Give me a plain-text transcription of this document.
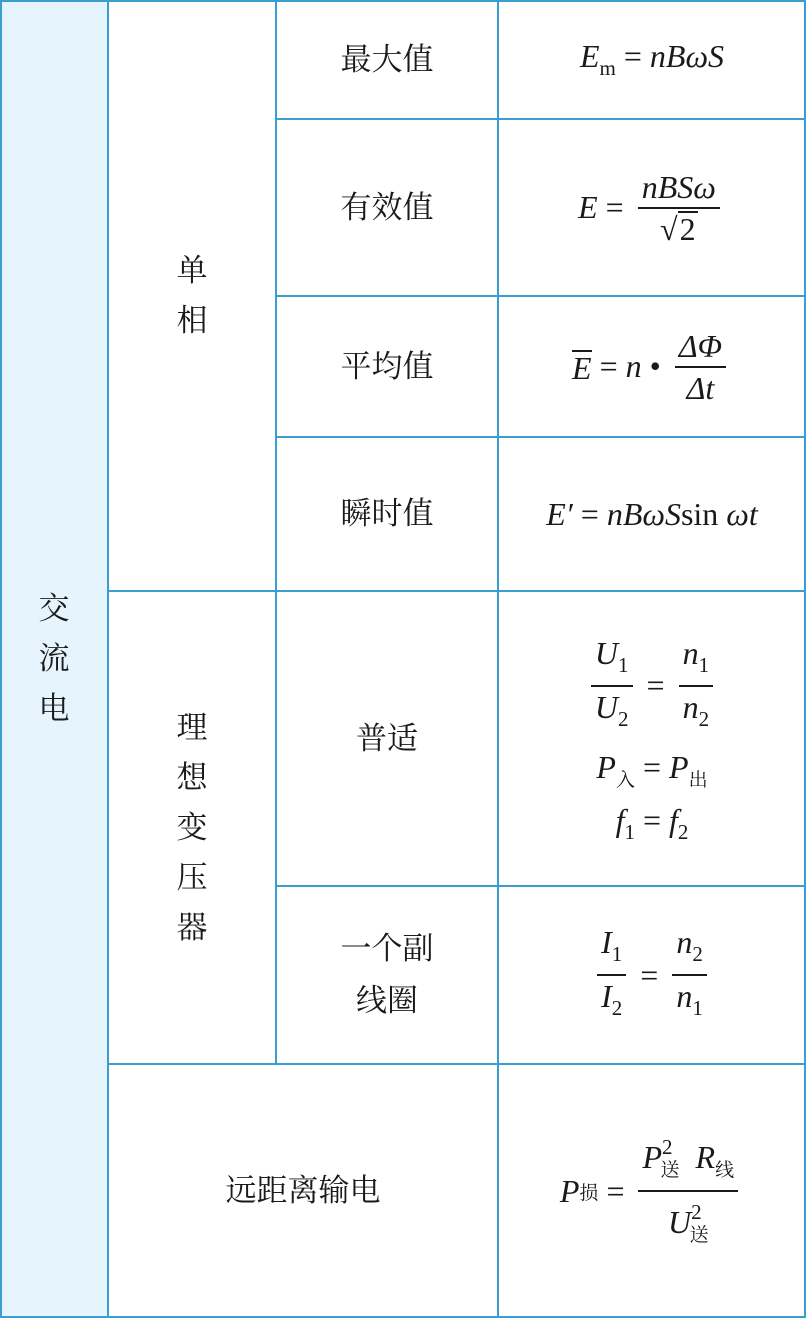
交
流
电
单
相
理
想
变
压
器
最大值
有效值
平均值
瞬时值
普适
一个副
线圈
远距离输电
$E_m = nB\omega S$
$E = \frac{\text{nBSω}}{√ 2}$
E = n • $\frac{\Delta\Phi}{\Delta t}$
E′ = nBωSsin ωt
$\frac{U_1}{U_2} = \frac{n_1}{n_2}$
$P_入 = P_出$
$f_1 = f_2$
$\frac{I_1}{I_2} = \frac{n_2}{n_1}$
P 损 = $\frac{P^2_送 R_线}{U^2_送}$
